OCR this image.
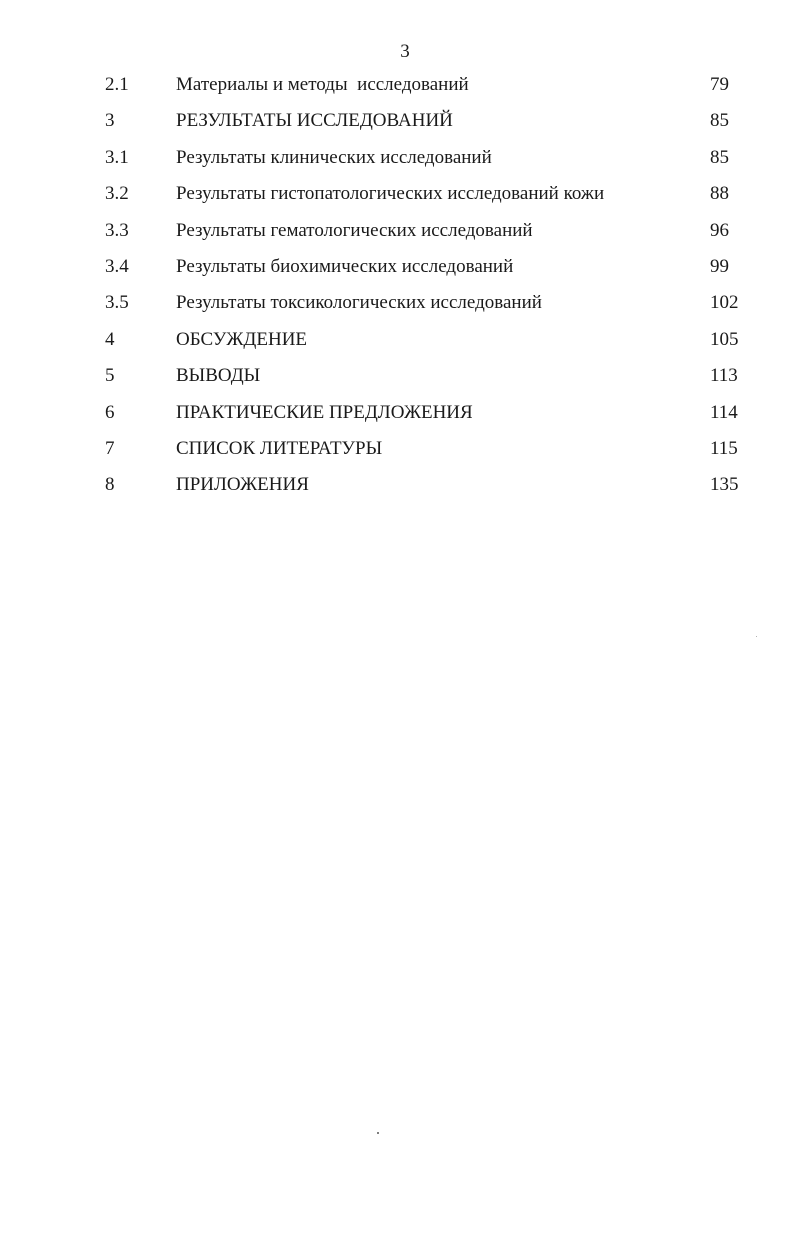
3
2.1 Материалы и методы  исследований	79
3	РЕЗУЛЬТАТЫ ИССЛЕДОВАНИЙ	85
3.1 Результаты клинических исследований	85
3.2 Результаты гистопатологических исследований кожи	88
3.3 Результаты гематологических исследований	96
3.4 Результаты биохимических исследований	99
3.5 Результаты токсикологических исследований	102
4	ОБСУЖДЕНИЕ	105
5	ВЫВОДЫ	113
6	ПРАКТИЧЕСКИЕ ПРЕДЛОЖЕНИЯ	114
7	СПИСОК ЛИТЕРАТУРЫ	115
8	ПРИЛОЖЕНИЯ	135
